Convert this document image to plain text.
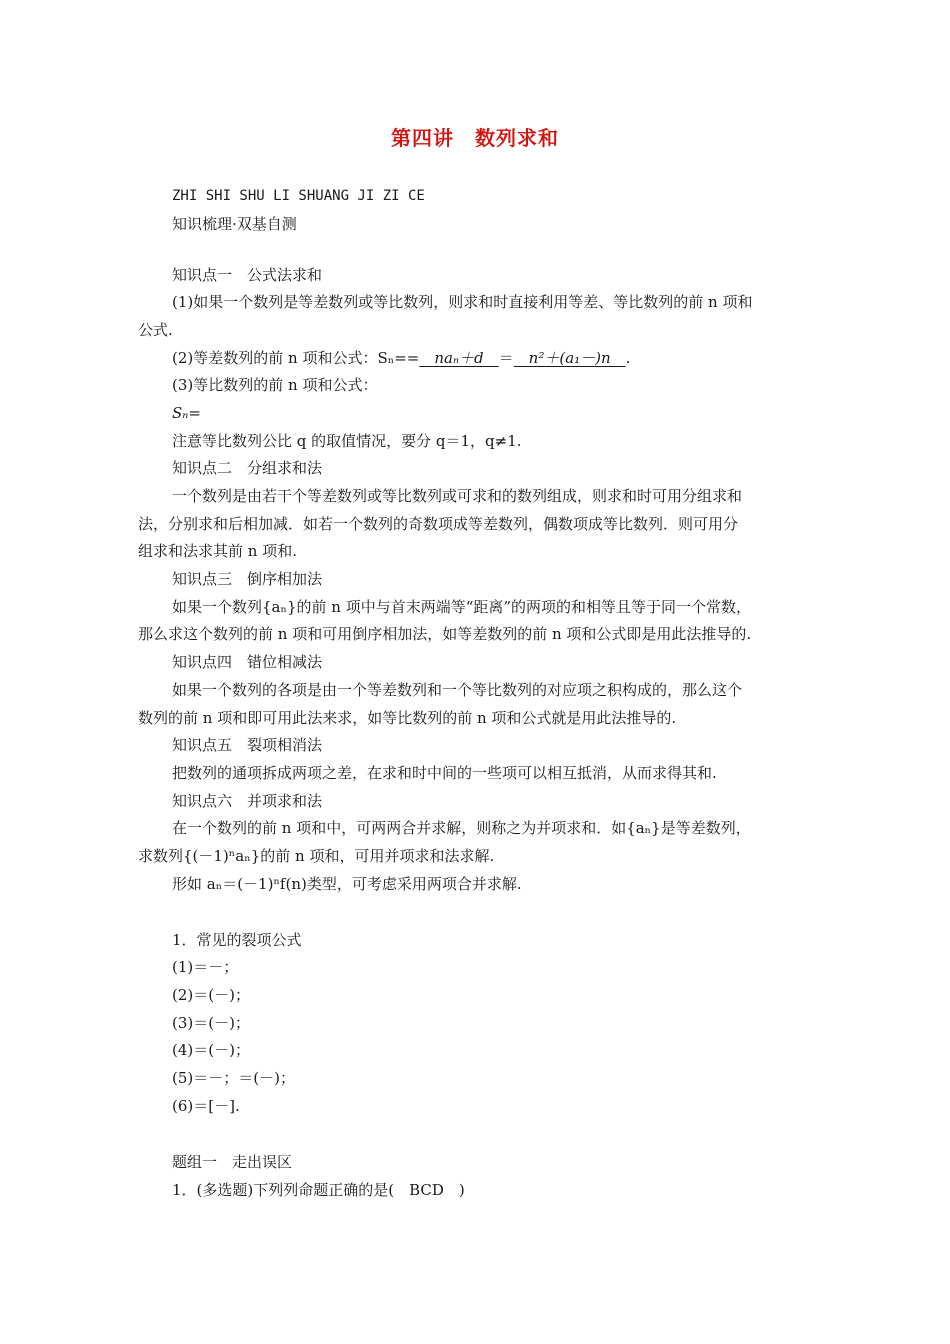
第四讲　数列求和
ZHI SHI SHU LI SHUANG JI ZI CE
知识梳理·双基自测
知识点一　公式法求和
(1)如果一个数列是等差数列或等比数列，则求和时直接利用等差、等比数列的前 n 项和
公式.
(2)等差数列的前 n 项和公式：Sₙ==　naₙ＋d　＝　n²＋(a₁－)n　.
(3)等比数列的前 n 项和公式：
Sₙ=
注意等比数列公比 q 的取值情况，要分 q＝1，q≠1.
知识点二　分组求和法
一个数列是由若干个等差数列或等比数列或可求和的数列组成，则求和时可用分组求和
法，分别求和后相加减．如若一个数列的奇数项成等差数列，偶数项成等比数列．则可用分
组求和法求其前 n 项和.
知识点三　倒序相加法
如果一个数列{aₙ}的前 n 项中与首末两端等“距离”的两项的和相等且等于同一个常数，
那么求这个数列的前 n 项和可用倒序相加法，如等差数列的前 n 项和公式即是用此法推导的.
知识点四　错位相减法
如果一个数列的各项是由一个等差数列和一个等比数列的对应项之积构成的，那么这个
数列的前 n 项和即可用此法来求，如等比数列的前 n 项和公式就是用此法推导的.
知识点五　裂项相消法
把数列的通项拆成两项之差，在求和时中间的一些项可以相互抵消，从而求得其和.
知识点六　并项求和法
在一个数列的前 n 项和中，可两两合并求解，则称之为并项求和．如{aₙ}是等差数列，
求数列{(－1)ⁿaₙ}的前 n 项和，可用并项求和法求解.
形如 aₙ＝(－1)ⁿf(n)类型，可考虑采用两项合并求解.
1．常见的裂项公式
(1)＝－；
(2)＝(－)；
(3)＝(－)；
(4)＝(－)；
(5)＝－；＝(－)；
(6)＝[－].
题组一　走出误区
1．(多选题)下列列命题正确的是(　BCD　)
